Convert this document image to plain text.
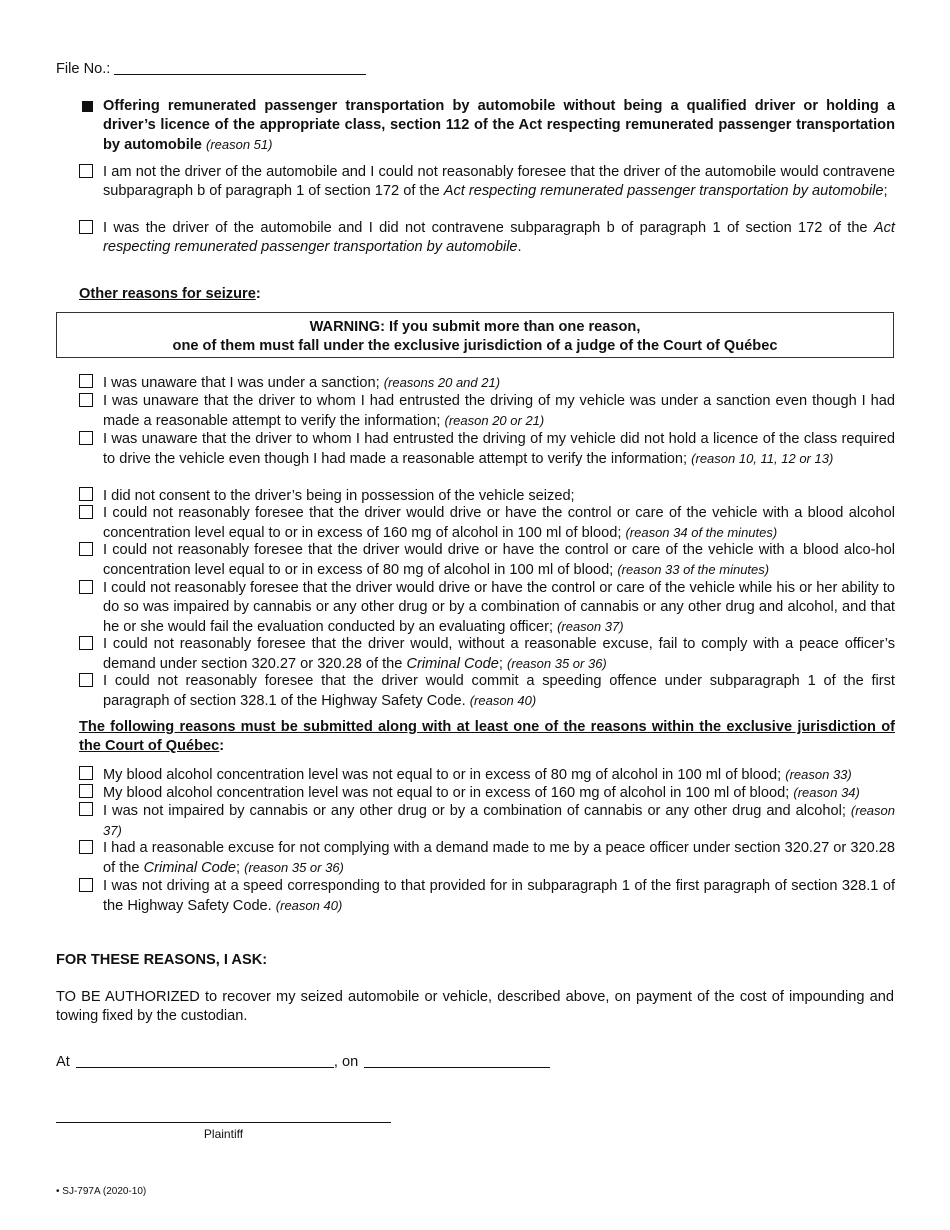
File No.:
Offering remunerated passenger transportation by automobile without being a qualified driver or holding a driver’s licence of the appropriate class, section 112 of the Act respecting remunerated passenger transportation by automobile (reason 51)
I am not the driver of the automobile and I could not reasonably foresee that the driver of the automobile would contravene subparagraph b of paragraph 1 of section 172 of the Act respecting remunerated passenger transportation by automobile;
I was the driver of the automobile and I did not contravene subparagraph b of paragraph 1 of section 172 of the Act respecting remunerated passenger transportation by automobile.
Other reasons for seizure:
WARNING: If you submit more than one reason,
one of them must fall under the exclusive jurisdiction of a judge of the Court of Québec
I was unaware that I was under a sanction; (reasons 20 and 21)
I was unaware that the driver to whom I had entrusted the driving of my vehicle was under a sanction even though I had made a reasonable attempt to verify the information; (reason 20 or 21)
I was unaware that the driver to whom I had entrusted the driving of my vehicle did not hold a licence of the class required to drive the vehicle even though I had made a reasonable attempt to verify the information; (reason 10, 11, 12 or 13)
I did not consent to the driver’s being in possession of the vehicle seized;
I could not reasonably foresee that the driver would drive or have the control or care of the vehicle with a blood alcohol concentration level equal to or in excess of 160 mg of alcohol in 100 ml of blood; (reason 34 of the minutes)
I could not reasonably foresee that the driver would drive or have the control or care of the vehicle with a blood alco-hol concentration level equal to or in excess of 80 mg of alcohol in 100 ml of blood; (reason 33 of the minutes)
I could not reasonably foresee that the driver would drive or have the control or care of the vehicle while his or her ability to do so was impaired by cannabis or any other drug or by a combination of cannabis or any other drug and alcohol, and that he or she would fail the evaluation conducted by an evaluating officer; (reason 37)
I could not reasonably foresee that the driver would, without a reasonable excuse, fail to comply with a peace officer’s demand under section 320.27 or 320.28 of the Criminal Code; (reason 35 or 36)
I could not reasonably foresee that the driver would commit a speeding offence under subparagraph 1 of the first paragraph of section 328.1 of the Highway Safety Code. (reason 40)
The following reasons must be submitted along with at least one of the reasons within the exclusive jurisdiction of the Court of Québec:
My blood alcohol concentration level was not equal to or in excess of 80 mg of alcohol in 100 ml of blood; (reason 33)
My blood alcohol concentration level was not equal to or in excess of 160 mg of alcohol in 100 ml of blood; (reason 34)
I was not impaired by cannabis or any other drug or by a combination of cannabis or any other drug and alcohol; (reason 37)
I had a reasonable excuse for not complying with a demand made to me by a peace officer under section 320.27 or 320.28 of the Criminal Code; (reason 35 or 36)
I was not driving at a speed corresponding to that provided for in subparagraph 1 of the first paragraph of section 328.1 of the Highway Safety Code. (reason 40)
FOR THESE REASONS, I ASK:
TO BE AUTHORIZED to recover my seized automobile or vehicle, described above, on payment of the cost of impounding and towing fixed by the custodian.
At	, on
Plaintiff
• SJ-797A (2020-10)
